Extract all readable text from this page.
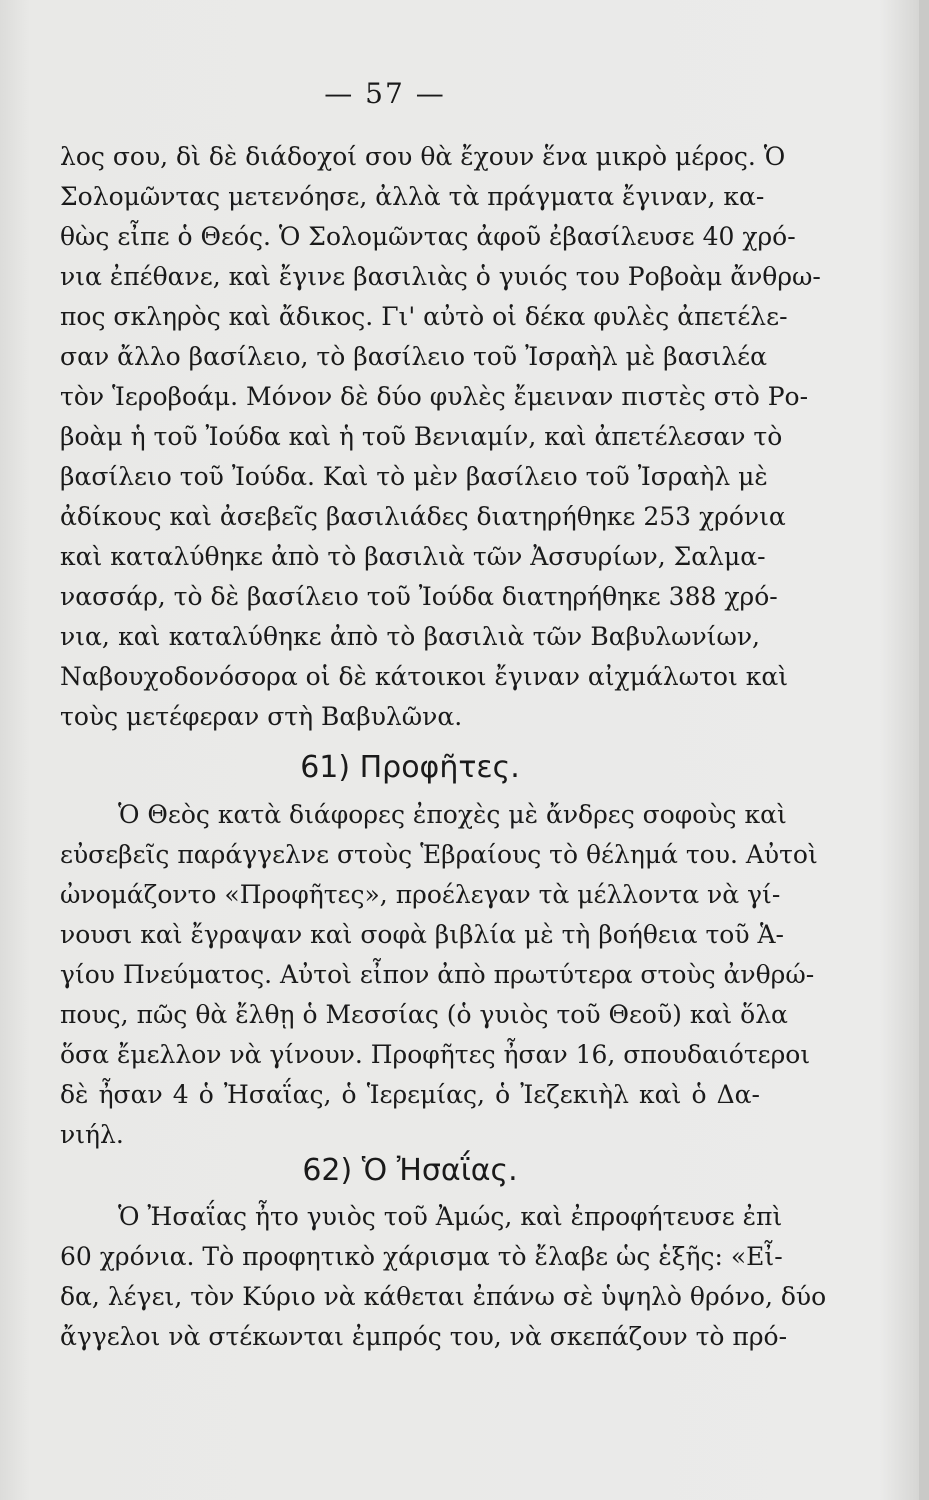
— 57 —
λος σου, δὶ δὲ διάδοχοί σου θὰ ἔχουν ἕνα μικρὸ μέρος. Ὁ
Σολομῶντας μετενόησε, ἀλλὰ τὰ πράγματα ἔγιναν, κα-
θὼς εἶπε ὁ Θεός. Ὁ Σολομῶντας ἀφοῦ ἐβασίλευσε 40 χρό-
νια ἐπέθανε, καὶ ἔγινε βασιλιὰς ὁ γυιός του Ροβοὰμ ἄνθρω-
πος σκληρὸς καὶ ἄδικος. Γι' αὐτὸ οἱ δέκα φυλὲς ἀπετέλε-
σαν ἄλλο βασίλειο, τὸ βασίλειο τοῦ Ἰσραὴλ μὲ βασιλέα
τὸν Ἱεροβοάμ. Μόνον δὲ δύο φυλὲς ἔμειναν πιστὲς στὸ Ρο-
βοὰμ ἡ τοῦ Ἰούδα καὶ ἡ τοῦ Βενιαμίν, καὶ ἀπετέλεσαν τὸ
βασίλειο τοῦ Ἰούδα. Καὶ τὸ μὲν βασίλειο τοῦ Ἰσραὴλ μὲ
ἀδίκους καὶ ἀσεβεῖς βασιλιάδες διατηρήθηκε 253 χρόνια
καὶ καταλύθηκε ἀπὸ τὸ βασιλιὰ τῶν Ἀσσυρίων, Σαλμα-
νασσάρ, τὸ δὲ βασίλειο τοῦ Ἰούδα διατηρήθηκε 388 χρό-
νια, καὶ καταλύθηκε ἀπὸ τὸ βασιλιὰ τῶν Βαβυλωνίων,
Ναβουχοδονόσορα οἱ δὲ κάτοικοι ἔγιναν αἰχμάλωτοι καὶ
τοὺς μετέφεραν στὴ Βαβυλῶνα.
61) Προφῆτες.
Ὁ Θεὸς κατὰ διάφορες ἐποχὲς μὲ ἄνδρες σοφοὺς καὶ
εὐσεβεῖς παράγγελνε στοὺς Ἑβραίους τὸ θέλημά του. Αὐτοὶ
ὠνομάζοντο «Προφῆτες», προέλεγαν τὰ μέλλοντα νὰ γί-
νουσι καὶ ἔγραψαν καὶ σοφὰ βιβλία μὲ τὴ βοήθεια τοῦ Ἁ-
γίου Πνεύματος. Αὐτοὶ εἶπον ἀπὸ πρωτύτερα στοὺς ἀνθρώ-
πους, πῶς θὰ ἔλθῃ ὁ Μεσσίας (ὁ γυιὸς τοῦ Θεοῦ) καὶ ὅλα
ὅσα ἔμελλον νὰ γίνουν. Προφῆτες ἦσαν 16, σπουδαιότεροι
δὲ ἦσαν 4 ὁ Ἠσαΐας, ὁ Ἱερεμίας, ὁ Ἰεζεκιὴλ καὶ ὁ Δα-
νιήλ.
62) Ὁ Ἠσαΐας.
Ὁ Ἠσαΐας ἦτο γυιὸς τοῦ Ἀμώς, καὶ ἐπροφήτευσε ἐπὶ
60 χρόνια. Τὸ προφητικὸ χάρισμα τὸ ἔλαβε ὡς ἑξῆς: «Εἶ-
δα, λέγει, τὸν Κύριο νὰ κάθεται ἐπάνω σὲ ὑψηλὸ θρόνο, δύο
ἄγγελοι νὰ στέκωνται ἐμπρός του, νὰ σκεπάζουν τὸ πρό-
